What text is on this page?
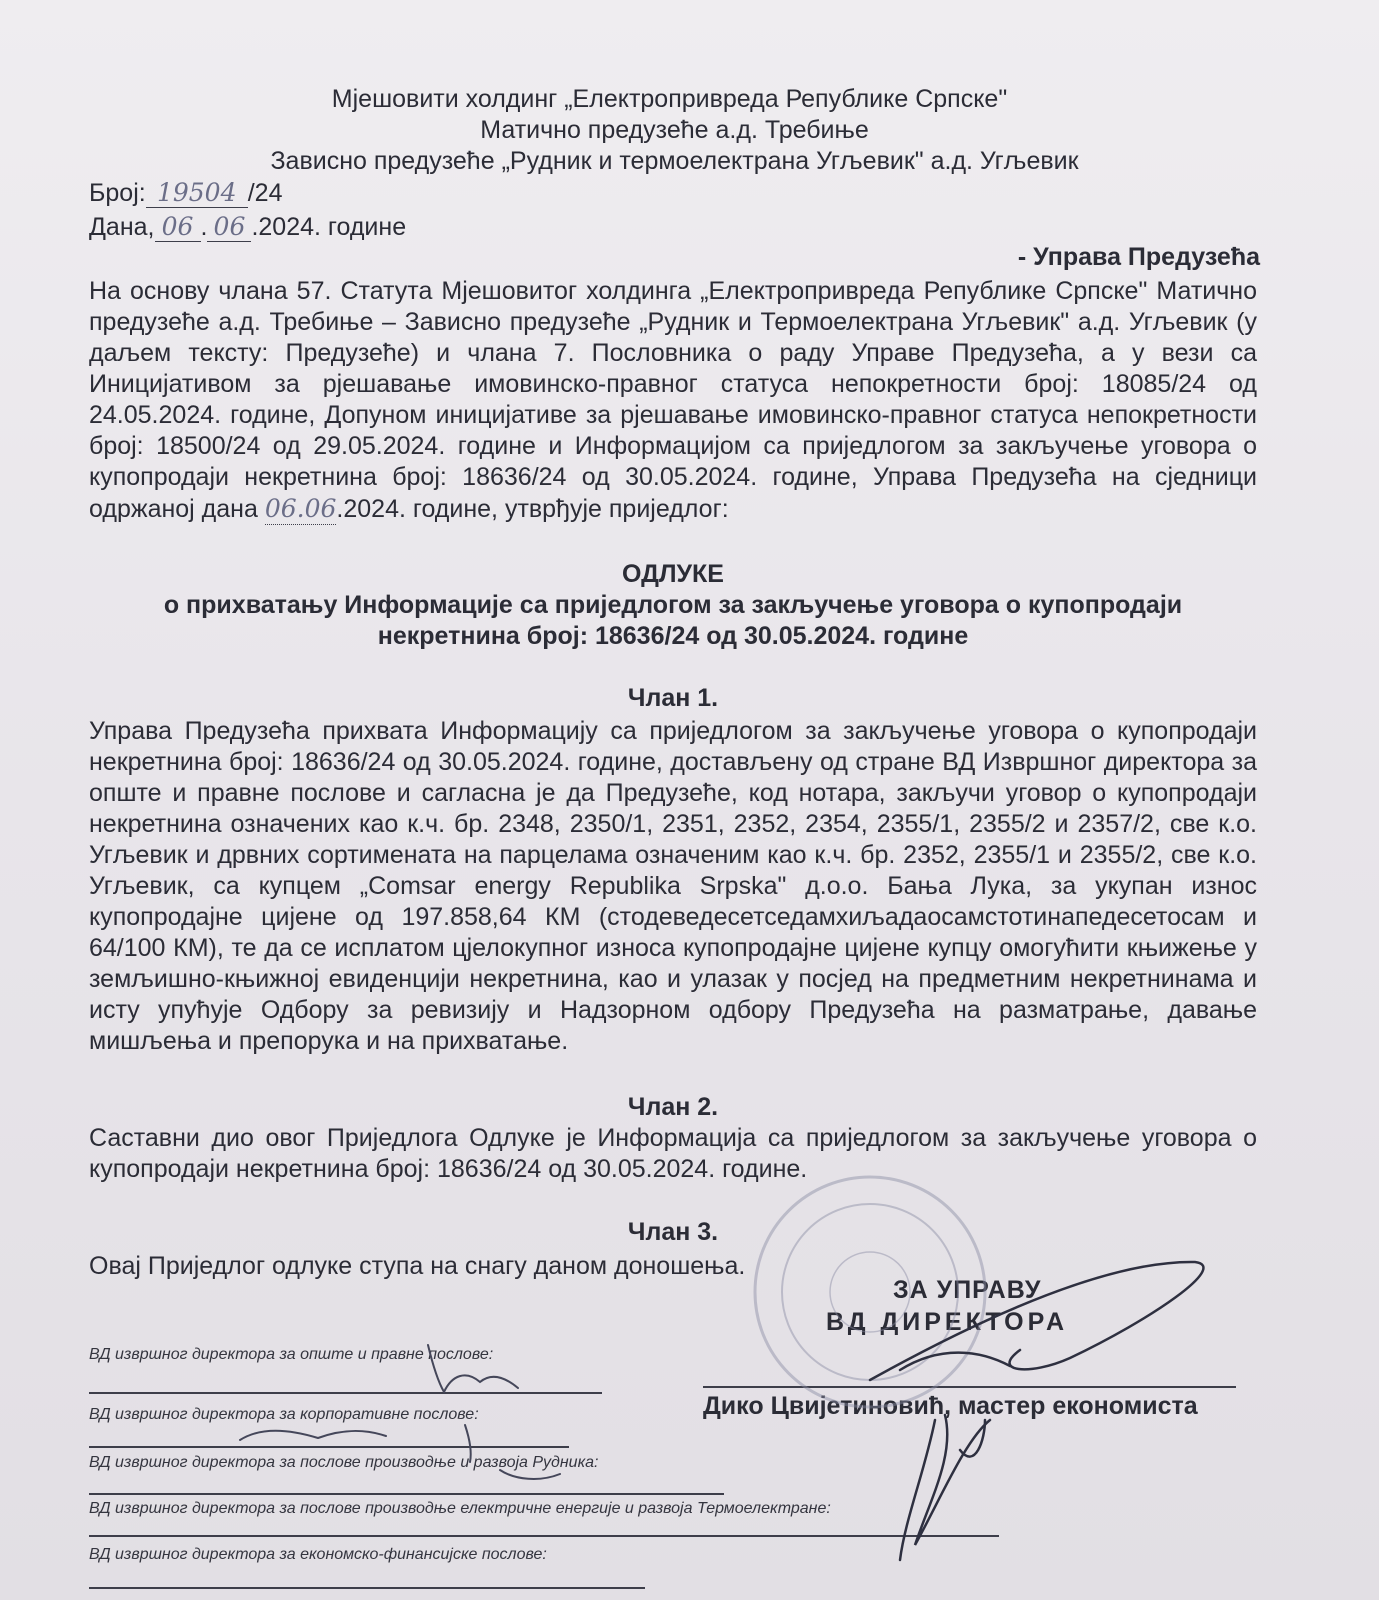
Мјешовити холдинг „Електропривреда Републике Српске"
Матично предузеће а.д. Требиње
Зависно предузеће „Рудник и термоелектрана Угљевик" а.д. Угљевик
Број: 19504 /24
Дана, 06 . 06 .2024. године
- Управа Предузећа
На основу члана 57. Статута Мјешовитог холдинга „Електропривреда Републике Српске" Матично предузеће а.д. Требиње – Зависно предузеће „Рудник и Термоелектрана Угљевик" а.д. Угљевик (у даљем тексту: Предузеће) и члана 7. Пословника о раду Управе Предузећа, а у вези са Иницијативом за рјешавање имовинско-правног статуса непокретности број: 18085/24 од 24.05.2024. године, Допуном иницијативе за рјешавање имовинско-правног статуса непокретности број: 18500/24 од 29.05.2024. године и Информацијом са приједлогом за закључење уговора о купопродаји некретнина број: 18636/24 од 30.05.2024. године, Управа Предузећа на сједници одржаној дана 06.06.2024. године, утврђује приједлог:
ОДЛУКЕ
о прихватању Информације са приједлогом за закључење уговора о купопродаји
некретнина број: 18636/24 од 30.05.2024. године
Члан 1.
Управа Предузећа прихвата Информацију са приједлогом за закључење уговора о купопродаји некретнина број: 18636/24 од 30.05.2024. године, достављену од стране ВД Извршног директора за опште и правне послове и сагласна је да Предузеће, код нотара, закључи уговор о купопродаји некретнина означених као к.ч. бр. 2348, 2350/1, 2351, 2352, 2354, 2355/1, 2355/2 и 2357/2, све к.о. Угљевик и дрвних сортимената на парцелама означеним као к.ч. бр. 2352, 2355/1 и 2355/2, све к.о. Угљевик, са купцем „Comsar energy Republika Srpska" д.о.о. Бања Лука, за укупан износ купопродајне цијене од 197.858,64 КМ (стодеведесетседамхиљадаосамстотинапедесетосам и 64/100 КМ), те да се исплатом цјелокупног износа купопродајне цијене купцу омогућити књижење у земљишно-књижној евиденцији некретнина, као и улазак у посјед на предметним некретнинама и исту упућује Одбору за ревизију и Надзорном одбору Предузећа на разматрање, давање мишљења и препорука и на прихватање.
Члан 2.
Саставни дио овог Приједлога Одлуке је Информација са приједлогом за закључење уговора о купопродаји некретнина број: 18636/24 од 30.05.2024. године.
Члан 3.
Овај Приједлог одлуке ступа на снагу даном доношења.
ЗА УПРАВУ
ВД ДИРЕКТОРА
Дико Цвијетиновић, мастер економиста
ВД извршног директора за опште и правне послове:
ВД извршног директора за корпоративне послове:
ВД извршног директора за послове производње и развоја Рудника:
ВД извршног директора за послове производње електричне енергије и развоја Термоелектране:
ВД извршног директора за економско-финансијске послове:
